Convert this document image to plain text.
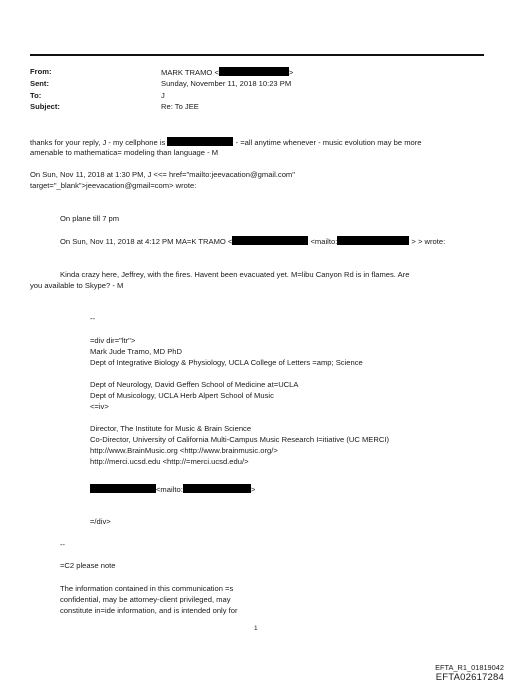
From:	MARK TRAMO <	>
Sent:	Sunday, November 11, 2018 10:23 PM
To:	J
Subject:	Re: To JEE
thanks for your reply, J - my cellphone is	- =all anytime whenever - music evolution may be more
amenable to mathematica= modeling than language - M
On Sun, Nov 11, 2018 at 1:30 PM, J <<= href="mailto:jeevacation@gmail.com"
target="_blank">jeevacation@gmail=com> wrote:
On plane till 7 pm
On Sun, Nov 11, 2018 at 4:12 PM MA=K TRAMO <	<mailto:	> > wrote:
Kinda crazy here, Jeffrey, with the fires. Havent been evacuated yet. M=libu Canyon Rd is in flames. Are
you available to Skype? - M
--
=div dir="ltr">
Mark Jude Tramo, MD PhD
Dept of Integrative Biology & Physiology, UCLA College of Letters =amp; Science
Dept of Neurology, David Geffen School of Medicine at=UCLA
Dept of Musicology, UCLA Herb Alpert School of Music
<=iv>
Director, The Institute for Music & Brain Science
Co-Director, University of California Multi-Campus Music Research I=itiative (UC MERCI)
http://www.BrainMusic.org <http://www.brainmusic.org/>
http://merci.ucsd.edu <http://=merci.ucsd.edu/>
<mailto:	>
=/div>
--
=C2 please note
The information contained in this communication =s
confidential, may be attorney-client privileged, may
constitute in=ide information, and is intended only for
1
EFTA_R1_01819042
EFTA02617284
